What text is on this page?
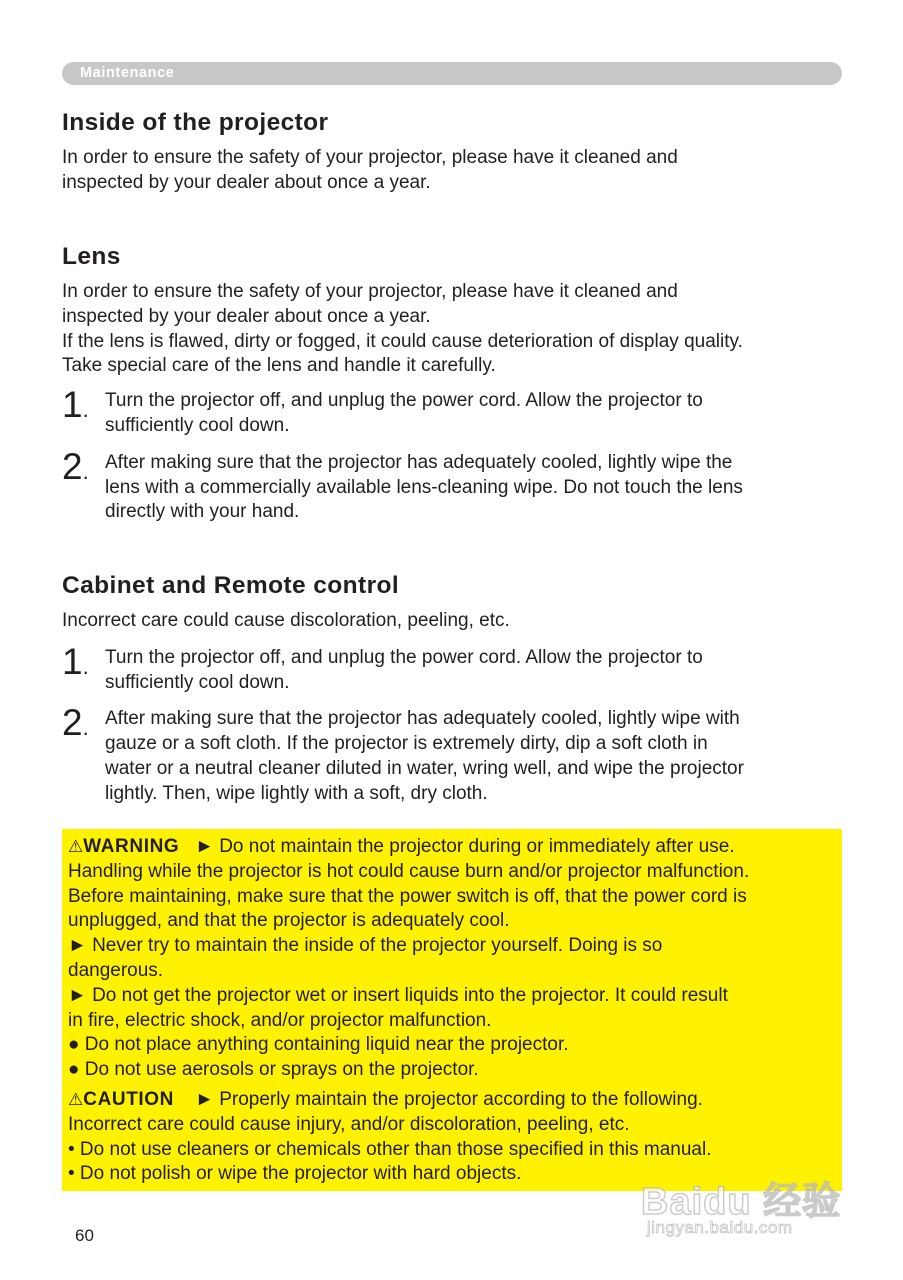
Maintenance
Inside of the projector

In order to ensure the safety of your projector, please have it cleaned and

inspected by your dealer about once a year.

Lens

In order to ensure the safety of your projector, please have it cleaned and

inspected by your dealer about once a year.

If the lens is flawed, dirty or fogged, it could cause deterioration of display quality.

Take special care of the lens and handle it carefully.

1. Turn the projector off, and unplug the power cord. Allow the projector to

sufficiently cool down.

2. After making sure that the projector has adequately cooled, lightly wipe the

lens with a commercially available lens-cleaning wipe. Do not touch the lens

directly with your hand.

Cabinet and Remote control

Incorrect care could cause discoloration, peeling, etc.

1. Turn the projector off, and unplug the power cord. Allow the projector to

sufficiently cool down.

2. After making sure that the projector has adequately cooled, lightly wipe with

gauze or a soft cloth. If the projector is extremely dirty, dip a soft cloth in

water or a neutral cleaner diluted in water, wring well, and wipe the projector

lightly. Then, wipe lightly with a soft, dry cloth.

⚠WARNING ► Do not maintain the projector during or immediately after use.

Handling while the projector is hot could cause burn and/or projector malfunction.

Before maintaining, make sure that the power switch is off, that the power cord is

unplugged, and that the projector is adequately cool.

► Never try to maintain the inside of the projector yourself. Doing is so

dangerous.

► Do not get the projector wet or insert liquids into the projector. It could result

in fire, electric shock, and/or projector malfunction.

● Do not place anything containing liquid near the projector.

● Do not use aerosols or sprays on the projector.

⚠CAUTION ► Properly maintain the projector according to the following.

Incorrect care could cause injury, and/or discoloration, peeling, etc.

• Do not use cleaners or chemicals other than those specified in this manual.

• Do not polish or wipe the projector with hard objects.

60
Baidu 经验
jingyan.baidu.com
